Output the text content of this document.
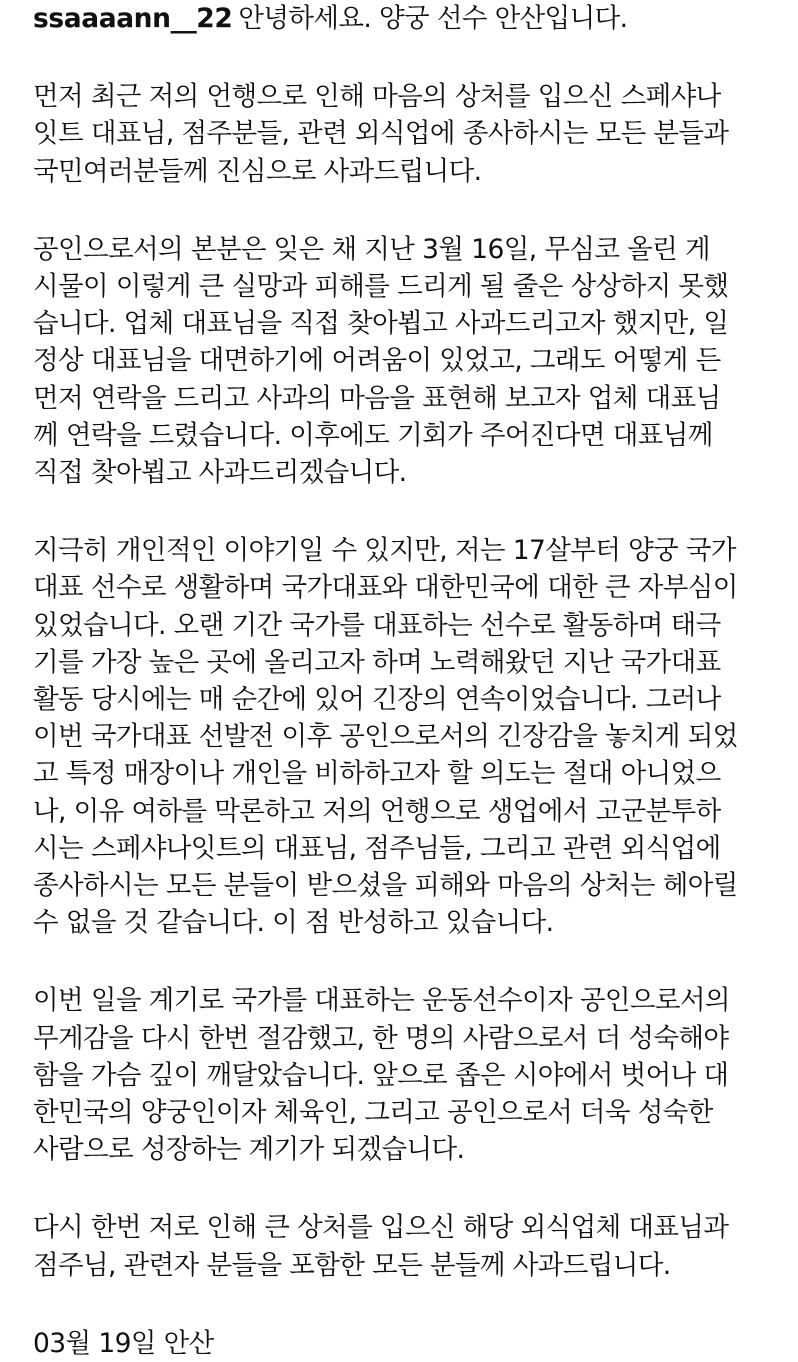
ssaaaann__22 안녕하세요. 양궁 선수 안산입니다.
먼저 최근 저의 언행으로 인해 마음의 상처를 입으신 스페샤나
잇트 대표님, 점주분들, 관련 외식업에 종사하시는 모든 분들과
국민여러분들께 진심으로 사과드립니다.
공인으로서의 본분은 잊은 채 지난 3월 16일, 무심코 올린 게
시물이 이렇게 큰 실망과 피해를 드리게 될 줄은 상상하지 못했
습니다. 업체 대표님을 직접 찾아뵙고 사과드리고자 했지만, 일
정상 대표님을 대면하기에 어려움이 있었고, 그래도 어떻게 든
먼저 연락을 드리고 사과의 마음을 표현해 보고자 업체 대표님
께 연락을 드렸습니다. 이후에도 기회가 주어진다면 대표님께
직접 찾아뵙고 사과드리겠습니다.
지극히 개인적인 이야기일 수 있지만, 저는 17살부터 양궁 국가
대표 선수로 생활하며 국가대표와 대한민국에 대한 큰 자부심이
있었습니다. 오랜 기간 국가를 대표하는 선수로 활동하며 태극
기를 가장 높은 곳에 올리고자 하며 노력해왔던 지난 국가대표
활동 당시에는 매 순간에 있어 긴장의 연속이었습니다. 그러나
이번 국가대표 선발전 이후 공인으로서의 긴장감을 놓치게 되었
고 특정 매장이나 개인을 비하하고자 할 의도는 절대 아니었으
나, 이유 여하를 막론하고 저의 언행으로 생업에서 고군분투하
시는 스페샤나잇트의 대표님, 점주님들, 그리고 관련 외식업에
종사하시는 모든 분들이 받으셨을 피해와 마음의 상처는 헤아릴
수 없을 것 같습니다. 이 점 반성하고 있습니다.
이번 일을 계기로 국가를 대표하는 운동선수이자 공인으로서의
무게감을 다시 한번 절감했고, 한 명의 사람으로서 더 성숙해야
함을 가슴 깊이 깨달았습니다. 앞으로 좁은 시야에서 벗어나 대
한민국의 양궁인이자 체육인, 그리고 공인으로서 더욱 성숙한
사람으로 성장하는 계기가 되겠습니다.
다시 한번 저로 인해 큰 상처를 입으신 해당 외식업체 대표님과
점주님, 관련자 분들을 포함한 모든 분들께 사과드립니다.
03월 19일 안산
